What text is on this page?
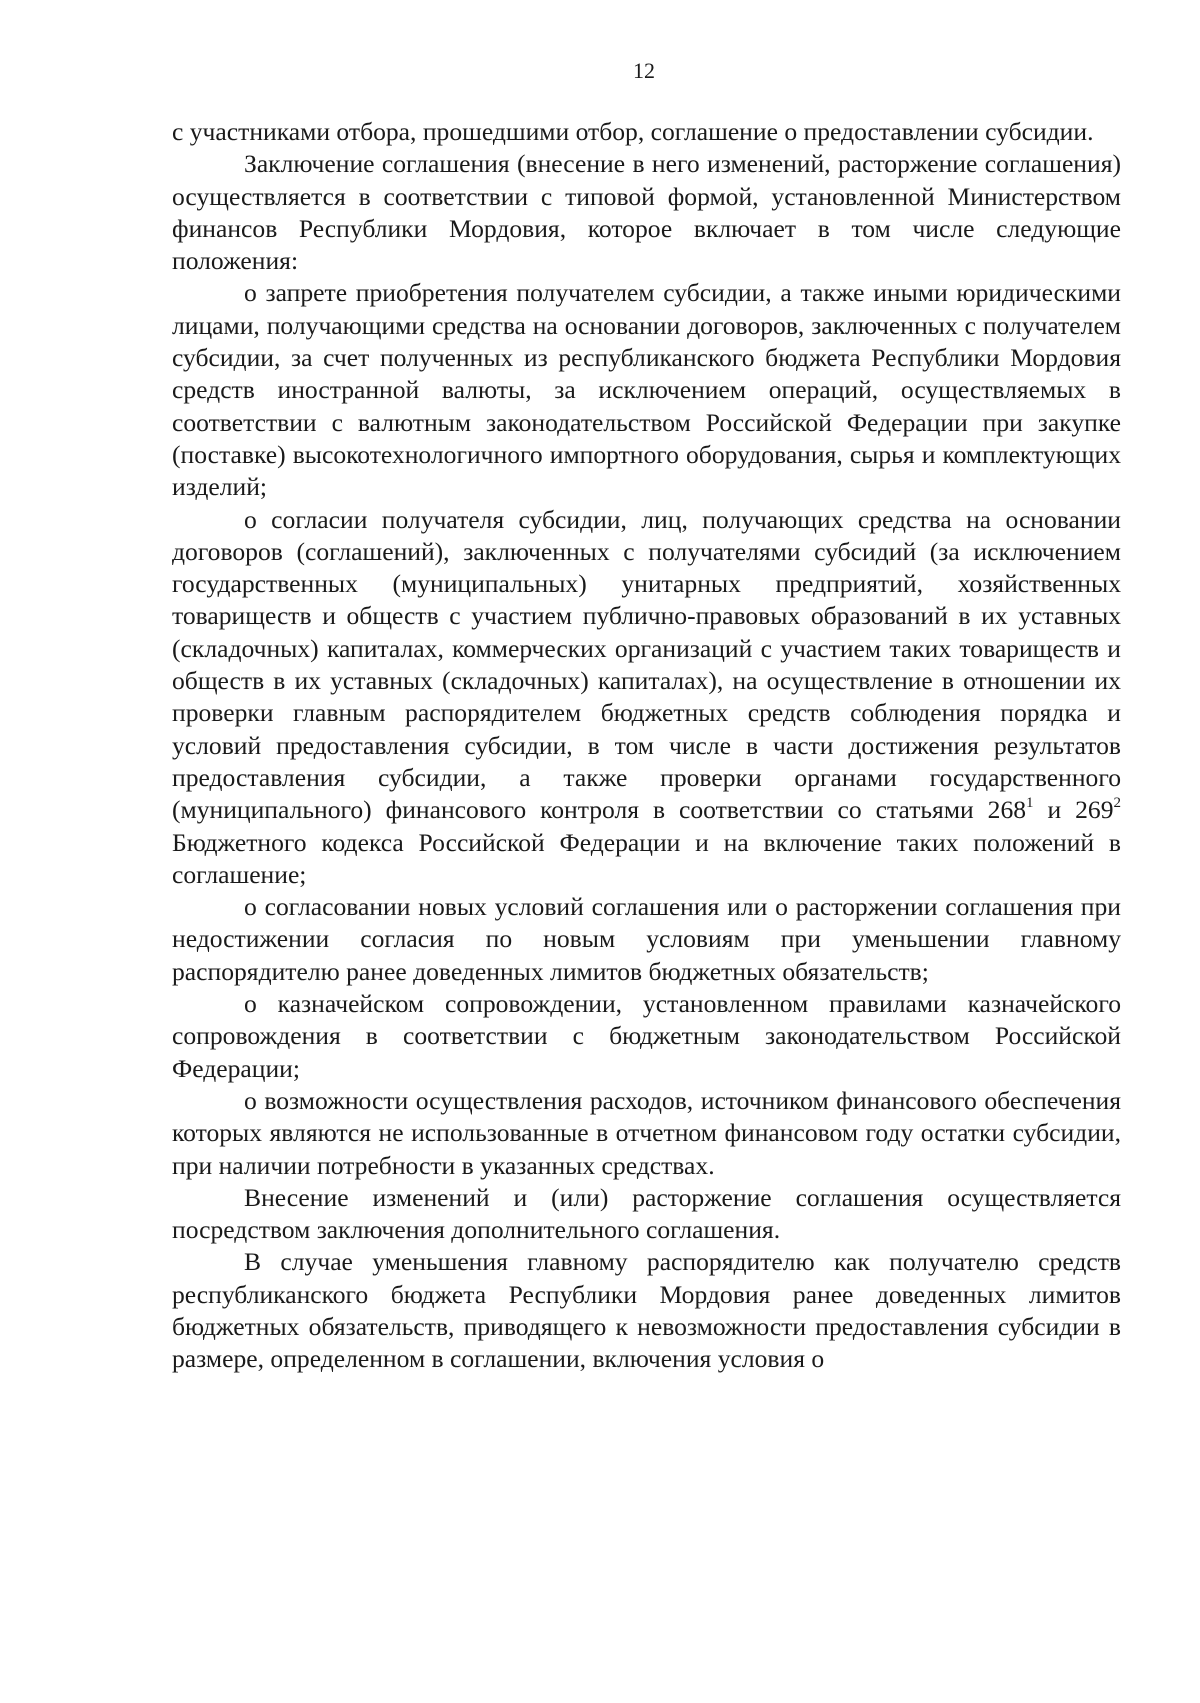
12

с участниками отбора, прошедшими отбор, соглашение о предоставлении субсидии.

Заключение соглашения (внесение в него изменений, расторжение соглашения) осуществляется в соответствии с типовой формой, установленной Министерством финансов Республики Мордовия, которое включает в том числе следующие положения:

о запрете приобретения получателем субсидии, а также иными юридическими лицами, получающими средства на основании договоров, заключенных с получателем субсидии, за счет полученных из республиканского бюджета Республики Мордовия средств иностранной валюты, за исключением операций, осуществляемых в соответствии с валютным законодательством Российской Федерации при закупке (поставке) высокотехнологичного импортного оборудования, сырья и комплектующих изделий;

о согласии получателя субсидии, лиц, получающих средства на основании договоров (соглашений), заключенных с получателями субсидий (за исключением государственных (муниципальных) унитарных предприятий, хозяйственных товариществ и обществ с участием публично-правовых образований в их уставных (складочных) капиталах, коммерческих организаций с участием таких товариществ и обществ в их уставных (складочных) капиталах), на осуществление в отношении их проверки главным распорядителем бюджетных средств соблюдения порядка и условий предоставления субсидии, в том числе в части достижения результатов предоставления субсидии, а также проверки органами государственного (муниципального) финансового контроля в соответствии со статьями $268^1$ и $269^2$ Бюджетного кодекса Российской Федерации и на включение таких положений в соглашение;

о согласовании новых условий соглашения или о расторжении соглашения при недостижении согласия по новым условиям при уменьшении главному распорядителю ранее доведенных лимитов бюджетных обязательств;

о казначейском сопровождении, установленном правилами казначейского сопровождения в соответствии с бюджетным законодательством Российской Федерации;

о возможности осуществления расходов, источником финансового обеспечения которых являются не использованные в отчетном финансовом году остатки субсидии, при наличии потребности в указанных средствах.

Внесение изменений и (или) расторжение соглашения осуществляется посредством заключения дополнительного соглашения.

В случае уменьшения главному распорядителю как получателю средств республиканского бюджета Республики Мордовия ранее доведенных лимитов бюджетных обязательств, приводящего к невозможности предоставления субсидии в размере, определенном в соглашении, включения условия о
